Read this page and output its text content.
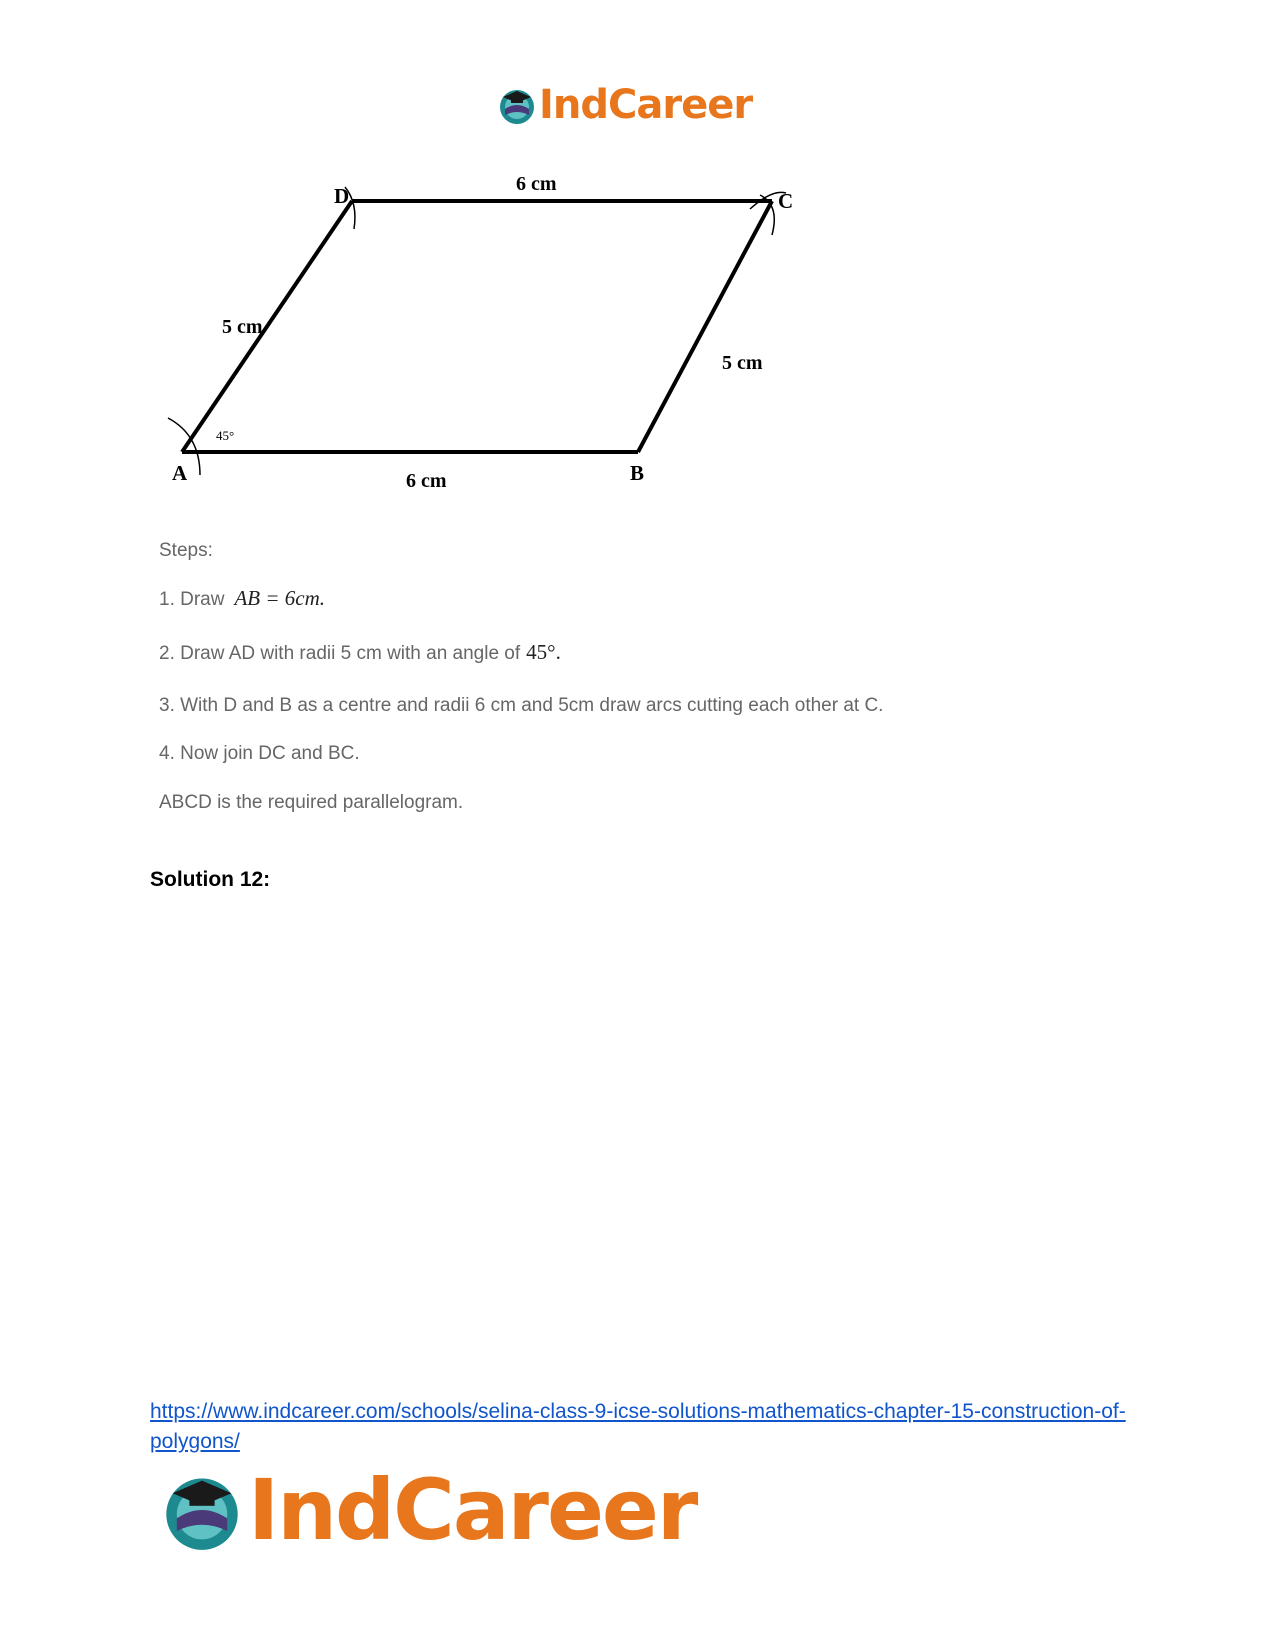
IndCareer
D	C
A	B
6 cm
6 cm
5 cm
5 cm
45°
Steps:
1. Draw AB = 6cm.
2. Draw AD with radii 5 cm with an angle of 45°.
3. With D and B as a centre and radii 6 cm and 5cm draw arcs cutting each other at C.
4. Now join DC and BC.
ABCD is the required parallelogram.
Solution 12:
https://www.indcareer.com/schools/selina-class-9-icse-solutions-mathematics-chapter-15-construction-of-polygons/
IndCareer
